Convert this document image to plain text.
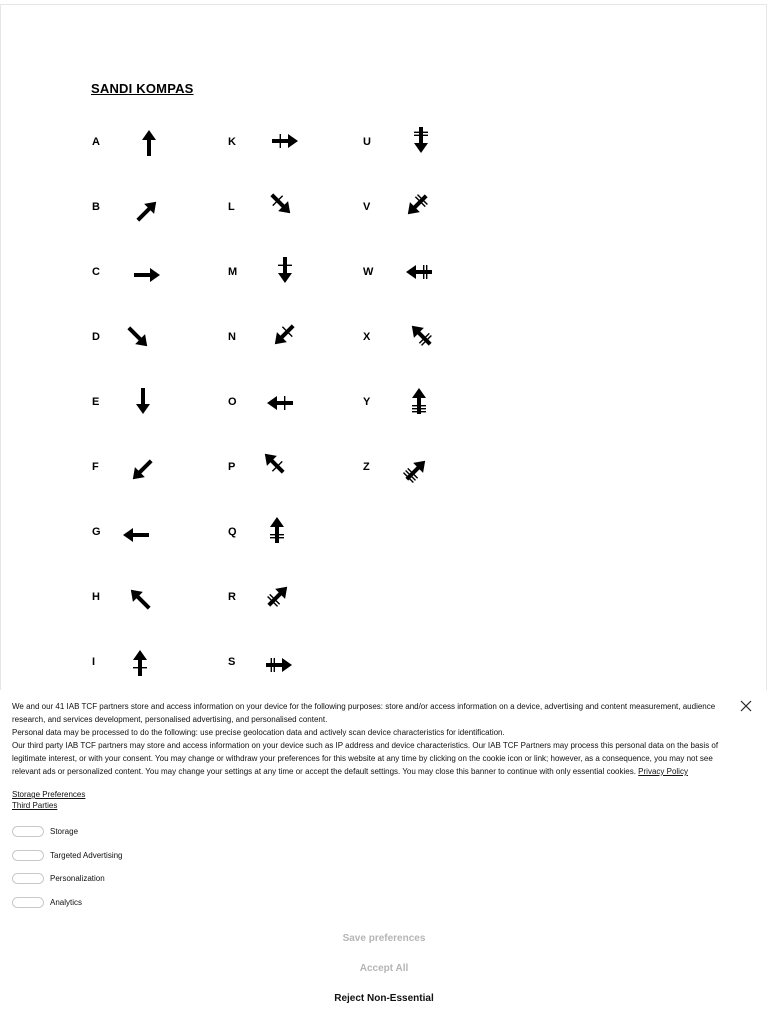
SANDI KOMPAS
A
B
C
D
E
F
G
H
I
K
L
M
N
O
P
Q
R
S
U
V
W
X
Y
Z

We and our 41 IAB TCF partners store and access information on your device for the following purposes: store and/or access information on a device, advertising and content measurement, audience research, and services development, personalised advertising, and personalised content.

Personal data may be processed to do the following: use precise geolocation data and actively scan device characteristics for identification.

Our third party IAB TCF partners may store and access information on your device such as IP address and device characteristics. Our IAB TCF Partners may process this personal data on the basis of legitimate interest, or with your consent. You may change or withdraw your preferences for this website at any time by clicking on the cookie icon or link; however, as a consequence, you may not see relevant ads or personalized content. You may change your settings at any time or accept the default settings. You may close this banner to continue with only essential cookies. Privacy Policy

Storage Preferences
Third Parties
Storage
Targeted Advertising
Personalization
Analytics
Save preferences
Accept All
Reject Non-Essential
